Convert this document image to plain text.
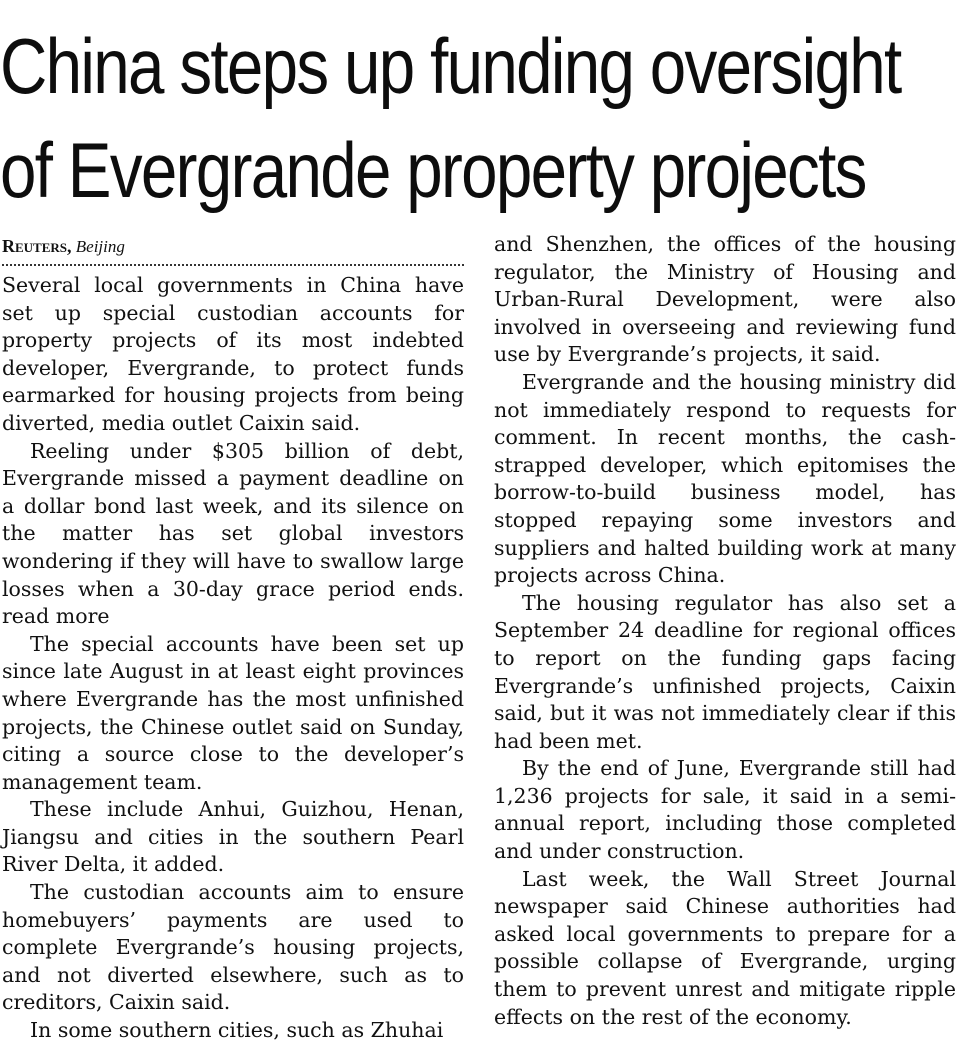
China steps up funding oversight
of Evergrande property projects
Reuters, Beijing

Several local governments in China have set up special custodian accounts for property projects of its most indebted developer, Evergrande, to protect funds earmarked for housing projects from being diverted, media outlet Caixin said.

Reeling under $305 billion of debt, Evergrande missed a payment deadline on a dollar bond last week, and its silence on the matter has set global investors wondering if they will have to swallow large losses when a 30-day grace period ends. read more

The special accounts have been set up since late August in at least eight provinces where Evergrande has the most unfinished projects, the Chinese outlet said on Sunday, citing a source close to the developer’s management team.

These include Anhui, Guizhou, Henan, Jiangsu and cities in the southern Pearl River Delta, it added.

The custodian accounts aim to ensure homebuyers’ payments are used to complete Evergrande’s housing projects, and not diverted elsewhere, such as to creditors, Caixin said.

In some southern cities, such as Zhuhai

and Shenzhen, the offices of the housing regulator, the Ministry of Housing and Urban-Rural Development, were also involved in overseeing and reviewing fund use by Evergrande’s projects, it said.

Evergrande and the housing ministry did not immediately respond to requests for comment. In recent months, the cash-strapped developer, which epitomises the borrow-to-build business model, has stopped repaying some investors and suppliers and halted building work at many projects across China.

The housing regulator has also set a September 24 deadline for regional offices to report on the funding gaps facing Evergrande’s unfinished projects, Caixin said, but it was not immediately clear if this had been met.

By the end of June, Evergrande still had 1,236 projects for sale, it said in a semi-annual report, including those completed and under construction.

Last week, the Wall Street Journal newspaper said Chinese authorities had asked local governments to prepare for a possible collapse of Evergrande, urging them to prevent unrest and mitigate ripple effects on the rest of the economy.
